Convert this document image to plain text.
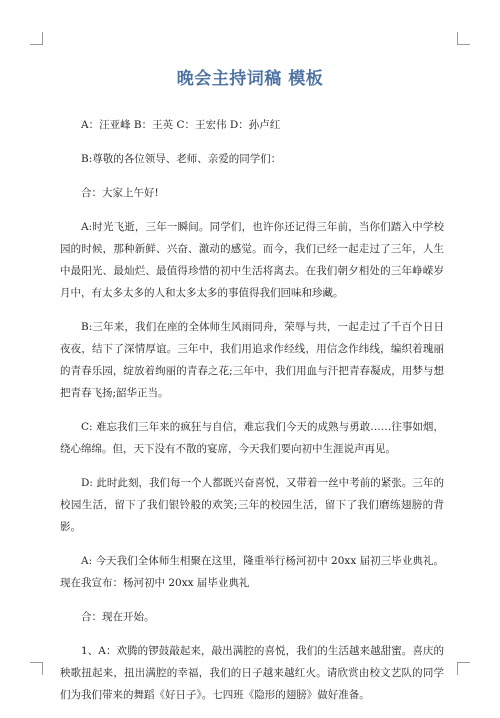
晚会主持词稿 模板

A：汪亚峰 B：王英 C：王宏伟 D：孙卢红

B:尊敬的各位领导、老师、亲爱的同学们：

合：大家上午好!

A:时光飞逝，三年一瞬间。同学们，也许你还记得三年前，当你们踏入中学校园的时候，那种新鲜、兴奋、激动的感觉。而今，我们已经一起走过了三年，人生中最阳光、最灿烂、最值得珍惜的初中生活将离去。在我们朝夕相处的三年峥嵘岁月中，有太多太多的人和太多太多的事值得我们回味和珍藏。

B:三年来，我们在座的全体师生风雨同舟，荣辱与共，一起走过了千百个日日夜夜，结下了深情厚谊。三年中，我们用追求作经线，用信念作纬线，编织着瑰丽的青春乐园，绽放着绚丽的青春之花;三年中，我们用血与汗把青春凝成，用梦与想把青春飞扬;韶华正当。

C: 难忘我们三年来的疯狂与自信，难忘我们今天的成熟与勇敢……往事如烟，绕心绵绵。但，天下没有不散的宴席，今天我们要向初中生涯说声再见。

D: 此时此刻，我们每一个人都既兴奋喜悦，又带着一丝中考前的紧张。三年的校园生活，留下了我们银铃般的欢笑;三年的校园生活，留下了我们磨练翅膀的背影。

A: 今天我们全体师生相聚在这里，隆重举行杨河初中 20xx 届初三毕业典礼。现在我宣布：杨河初中 20xx 届毕业典礼

合：现在开始。

1、A：欢腾的锣鼓敲起来，敲出满腔的喜悦，我们的生活越来越甜蜜。喜庆的秧歌扭起来，扭出满腔的幸福，我们的日子越来越红火。请欣赏由校文艺队的同学们为我们带来的舞蹈《好日子》。七四班《隐形的翅膀》做好准备。
